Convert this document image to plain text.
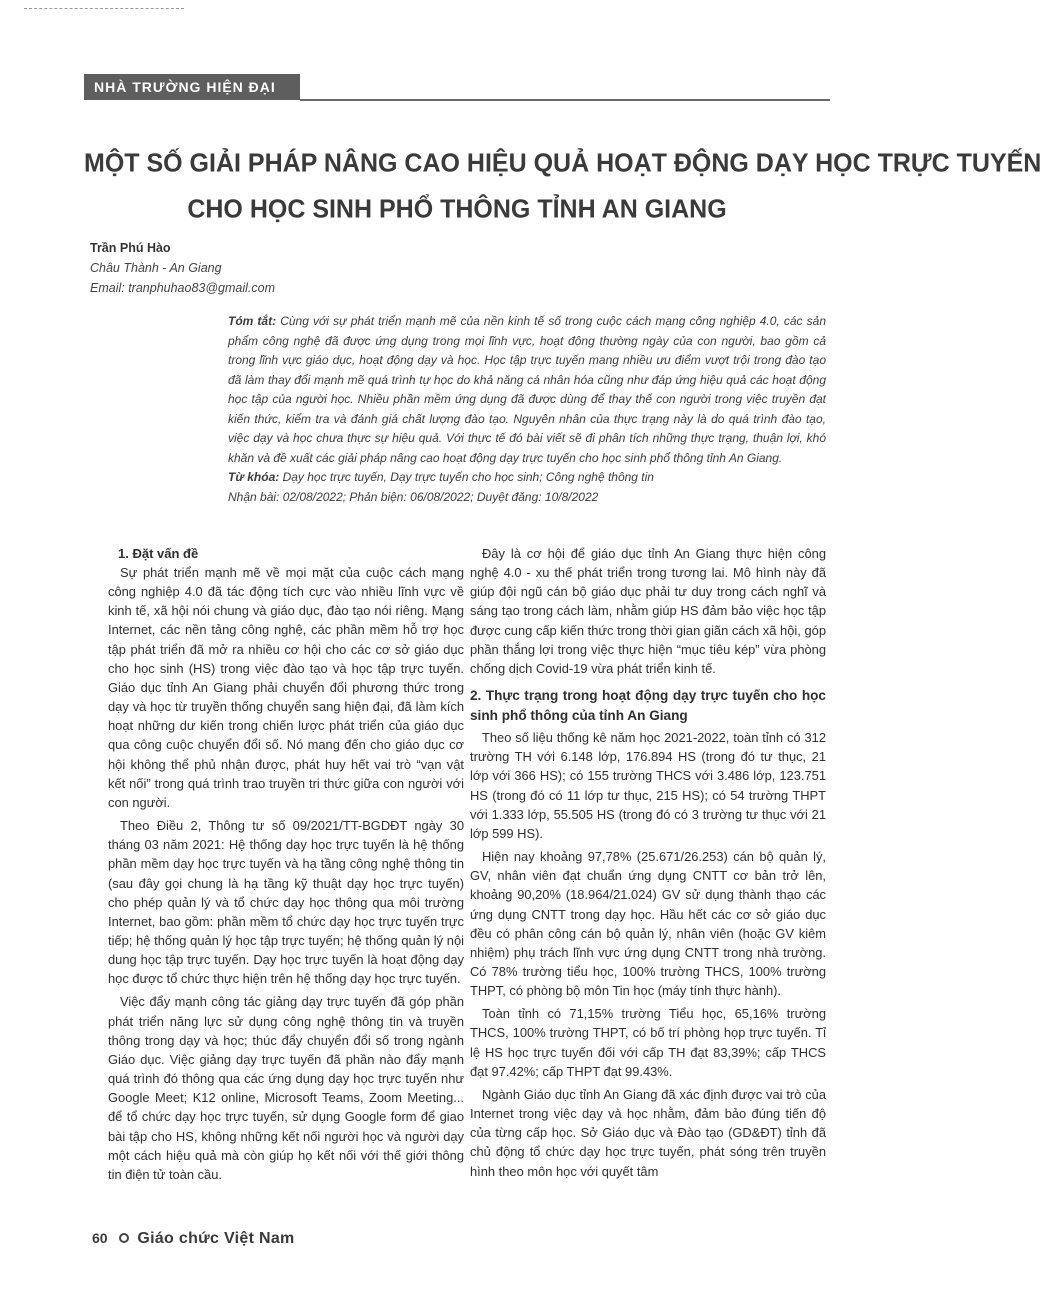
NHÀ TRƯỜNG HIỆN ĐẠI
MỘT SỐ GIẢI PHÁP NÂNG CAO HIỆU QUẢ HOẠT ĐỘNG DẠY HỌC TRỰC TUYẾN
CHO HỌC SINH PHỔ THÔNG TỈNH AN GIANG
Trần Phú Hào
Châu Thành - An Giang
Email: tranphuhao83@gmail.com

Tóm tắt: Cùng với sự phát triển mạnh mẽ của nền kinh tế số trong cuộc cách mạng công nghiệp 4.0, các sản phẩm công nghệ đã được ứng dụng trong mọi lĩnh vực, hoạt động thường ngày của con người, bao gồm cả trong lĩnh vực giáo dục, hoạt động dạy và học. Học tập trực tuyến mang nhiều ưu điểm vượt trội trong đào tạo đã làm thay đổi mạnh mẽ quá trình tự học do khả năng cá nhân hóa cũng như đáp ứng hiệu quả các hoạt động học tập của người học. Nhiều phần mềm ứng dụng đã được dùng để thay thế con người trong việc truyền đạt kiến thức, kiểm tra và đánh giá chất lượng đào tạo. Nguyên nhân của thực trạng này là do quá trình đào tạo, việc dạy và học chưa thực sự hiệu quả. Với thực tế đó bài viết sẽ đi phân tích những thực trạng, thuận lợi, khó khăn và đề xuất các giải pháp nâng cao hoạt động dạy trực tuyến cho học sinh phổ thông tỉnh An Giang.

Từ khóa: Dạy học trực tuyến, Dạy trực tuyến cho học sinh; Công nghệ thông tin

Nhận bài: 02/08/2022; Phản biện: 06/08/2022; Duyệt đăng: 10/8/2022

1. Đặt vấn đề

Sự phát triển mạnh mẽ về mọi mặt của cuộc cách mạng công nghiệp 4.0 đã tác động tích cực vào nhiều lĩnh vực về kinh tế, xã hội nói chung và giáo dục, đào tạo nói riêng. Mạng Internet, các nền tảng công nghệ, các phần mềm hỗ trợ học tập phát triển đã mở ra nhiều cơ hội cho các cơ sở giáo dục cho học sinh (HS) trong việc đào tạo và học tập trực tuyến. Giáo dục tỉnh An Giang phải chuyển đổi phương thức trong dạy và học từ truyền thống chuyển sang hiện đại, đã làm kích hoạt những dư kiến trong chiến lược phát triển của giáo dục qua công cuộc chuyển đổi số. Nó mang đến cho giáo dục cơ hội không thể phủ nhận được, phát huy hết vai trò “vạn vật kết nối” trong quá trình trao truyền tri thức giữa con người với con người.

Theo Điều 2, Thông tư số 09/2021/TT-BGDĐT ngày 30 tháng 03 năm 2021: Hệ thống dạy học trực tuyến là hệ thống phần mềm dạy học trực tuyến và hạ tầng công nghệ thông tin (sau đây gọi chung là hạ tầng kỹ thuật dạy học trực tuyến) cho phép quản lý và tổ chức dạy học thông qua môi trường Internet, bao gồm: phần mềm tổ chức dạy học trực tuyến trực tiếp; hệ thống quản lý học tập trực tuyến; hệ thống quản lý nội dung học tập trực tuyến. Dạy học trực tuyến là hoạt động dạy học được tổ chức thực hiện trên hệ thống dạy học trực tuyến.

Việc đẩy mạnh công tác giảng dạy trực tuyến đã góp phần phát triển năng lực sử dụng công nghệ thông tin và truyền thông trong dạy và học; thúc đẩy chuyển đổi số trong ngành Giáo dục. Việc giảng dạy trực tuyến đã phần nào đẩy mạnh quá trình đó thông qua các ứng dụng dạy học trực tuyến như Google Meet; K12 online, Microsoft Teams, Zoom Meeting... để tổ chức dạy học trực tuyến, sử dụng Google form để giao bài tập cho HS, không những kết nối người học và người dạy một cách hiệu quả mà còn giúp họ kết nối với thế giới thông tin điện tử toàn cầu.

Đây là cơ hội để giáo dục tỉnh An Giang thực hiện công nghệ 4.0 - xu thế phát triển trong tương lai. Mô hình này đã giúp đội ngũ cán bộ giáo dục phải tư duy trong cách nghĩ và sáng tạo trong cách làm, nhằm giúp HS đảm bảo việc học tập được cung cấp kiến thức trong thời gian giãn cách xã hội, góp phần thắng lợi trong việc thực hiện “mục tiêu kép” vừa phòng chống dịch Covid-19 vừa phát triển kinh tế.

2. Thực trạng trong hoạt động dạy trực tuyến cho học sinh phổ thông của tỉnh An Giang

Theo số liệu thống kê năm học 2021-2022, toàn tỉnh có 312 trường TH với 6.148 lớp, 176.894 HS (trong đó tư thục, 21 lớp với 366 HS); có 155 trường THCS với 3.486 lớp, 123.751 HS (trong đó có 11 lớp tư thục, 215 HS); có 54 trường THPT với 1.333 lớp, 55.505 HS (trong đó có 3 trường tư thục với 21 lớp 599 HS).

Hiện nay khoảng 97,78% (25.671/26.253) cán bộ quản lý, GV, nhân viên đạt chuẩn ứng dụng CNTT cơ bản trở lên, khoảng 90,20% (18.964/21.024) GV sử dụng thành thạo các ứng dụng CNTT trong dạy học. Hầu hết các cơ sở giáo dục đều có phân công cán bộ quản lý, nhân viên (hoặc GV kiêm nhiệm) phụ trách lĩnh vực ứng dụng CNTT trong nhà trường. Có 78% trường tiểu học, 100% trường THCS, 100% trường THPT, có phòng bộ môn Tin học (máy tính thực hành).

Toàn tỉnh có 71,15% trường Tiểu học, 65,16% trường THCS, 100% trường THPT, có bố trí phòng họp trực tuyến. Tỉ lệ HS học trực tuyến đối với cấp TH đạt 83,39%; cấp THCS đạt 97.42%; cấp THPT đạt 99.43%.

Ngành Giáo dục tỉnh An Giang đã xác định được vai trò của Internet trong việc dạy và học nhằm, đảm bảo đúng tiến độ của từng cấp học. Sở Giáo dục và Đào tạo (GD&ĐT) tỉnh đã chủ động tổ chức dạy học trực tuyến, phát sóng trên truyền hình theo môn học với quyết tâm

60 Giáo chức Việt Nam
